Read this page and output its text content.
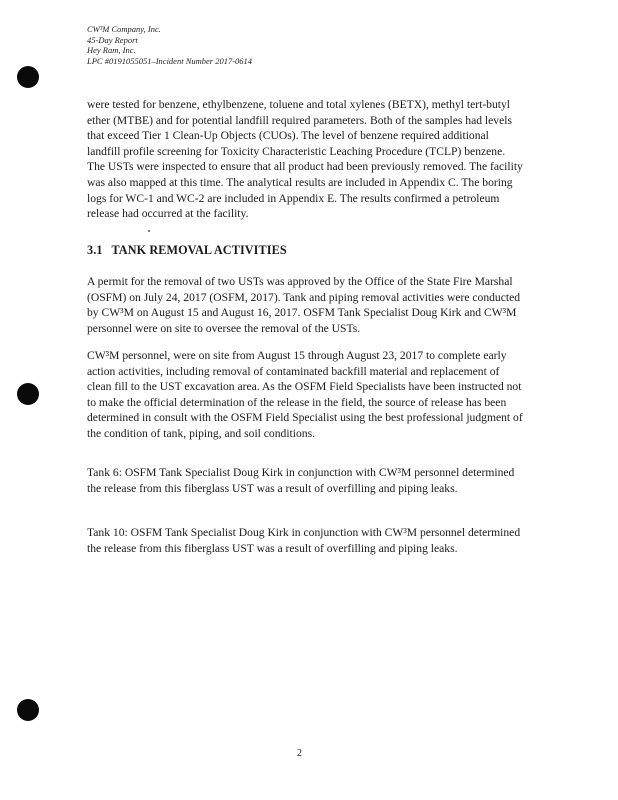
CW³M Company, Inc.
45-Day Report
Hey Ram, Inc.
LPC #0191055051–Incident Number 2017-0614

were tested for benzene, ethylbenzene, toluene and total xylenes (BETX), methyl tert-butyl ether (MTBE) and for potential landfill required parameters. Both of the samples had levels that exceed Tier 1 Clean-Up Objects (CUOs). The level of benzene required additional landfill profile screening for Toxicity Characteristic Leaching Procedure (TCLP) benzene. The USTs were inspected to ensure that all product had been previously removed. The facility was also mapped at this time. The analytical results are included in Appendix C. The boring logs for WC-1 and WC-2 are included in Appendix E. The results confirmed a petroleum release had occurred at the facility.

3.1 TANK REMOVAL ACTIVITIES

A permit for the removal of two USTs was approved by the Office of the State Fire Marshal (OSFM) on July 24, 2017 (OSFM, 2017). Tank and piping removal activities were conducted by CW³M on August 15 and August 16, 2017. OSFM Tank Specialist Doug Kirk and CW³M personnel were on site to oversee the removal of the USTs.

CW³M personnel, were on site from August 15 through August 23, 2017 to complete early action activities, including removal of contaminated backfill material and replacement of clean fill to the UST excavation area. As the OSFM Field Specialists have been instructed not to make the official determination of the release in the field, the source of release has been determined in consult with the OSFM Field Specialist using the best professional judgment of the condition of tank, piping, and soil conditions.

Tank 6: OSFM Tank Specialist Doug Kirk in conjunction with CW³M personnel determined the release from this fiberglass UST was a result of overfilling and piping leaks.

Tank 10: OSFM Tank Specialist Doug Kirk in conjunction with CW³M personnel determined the release from this fiberglass UST was a result of overfilling and piping leaks.

2
